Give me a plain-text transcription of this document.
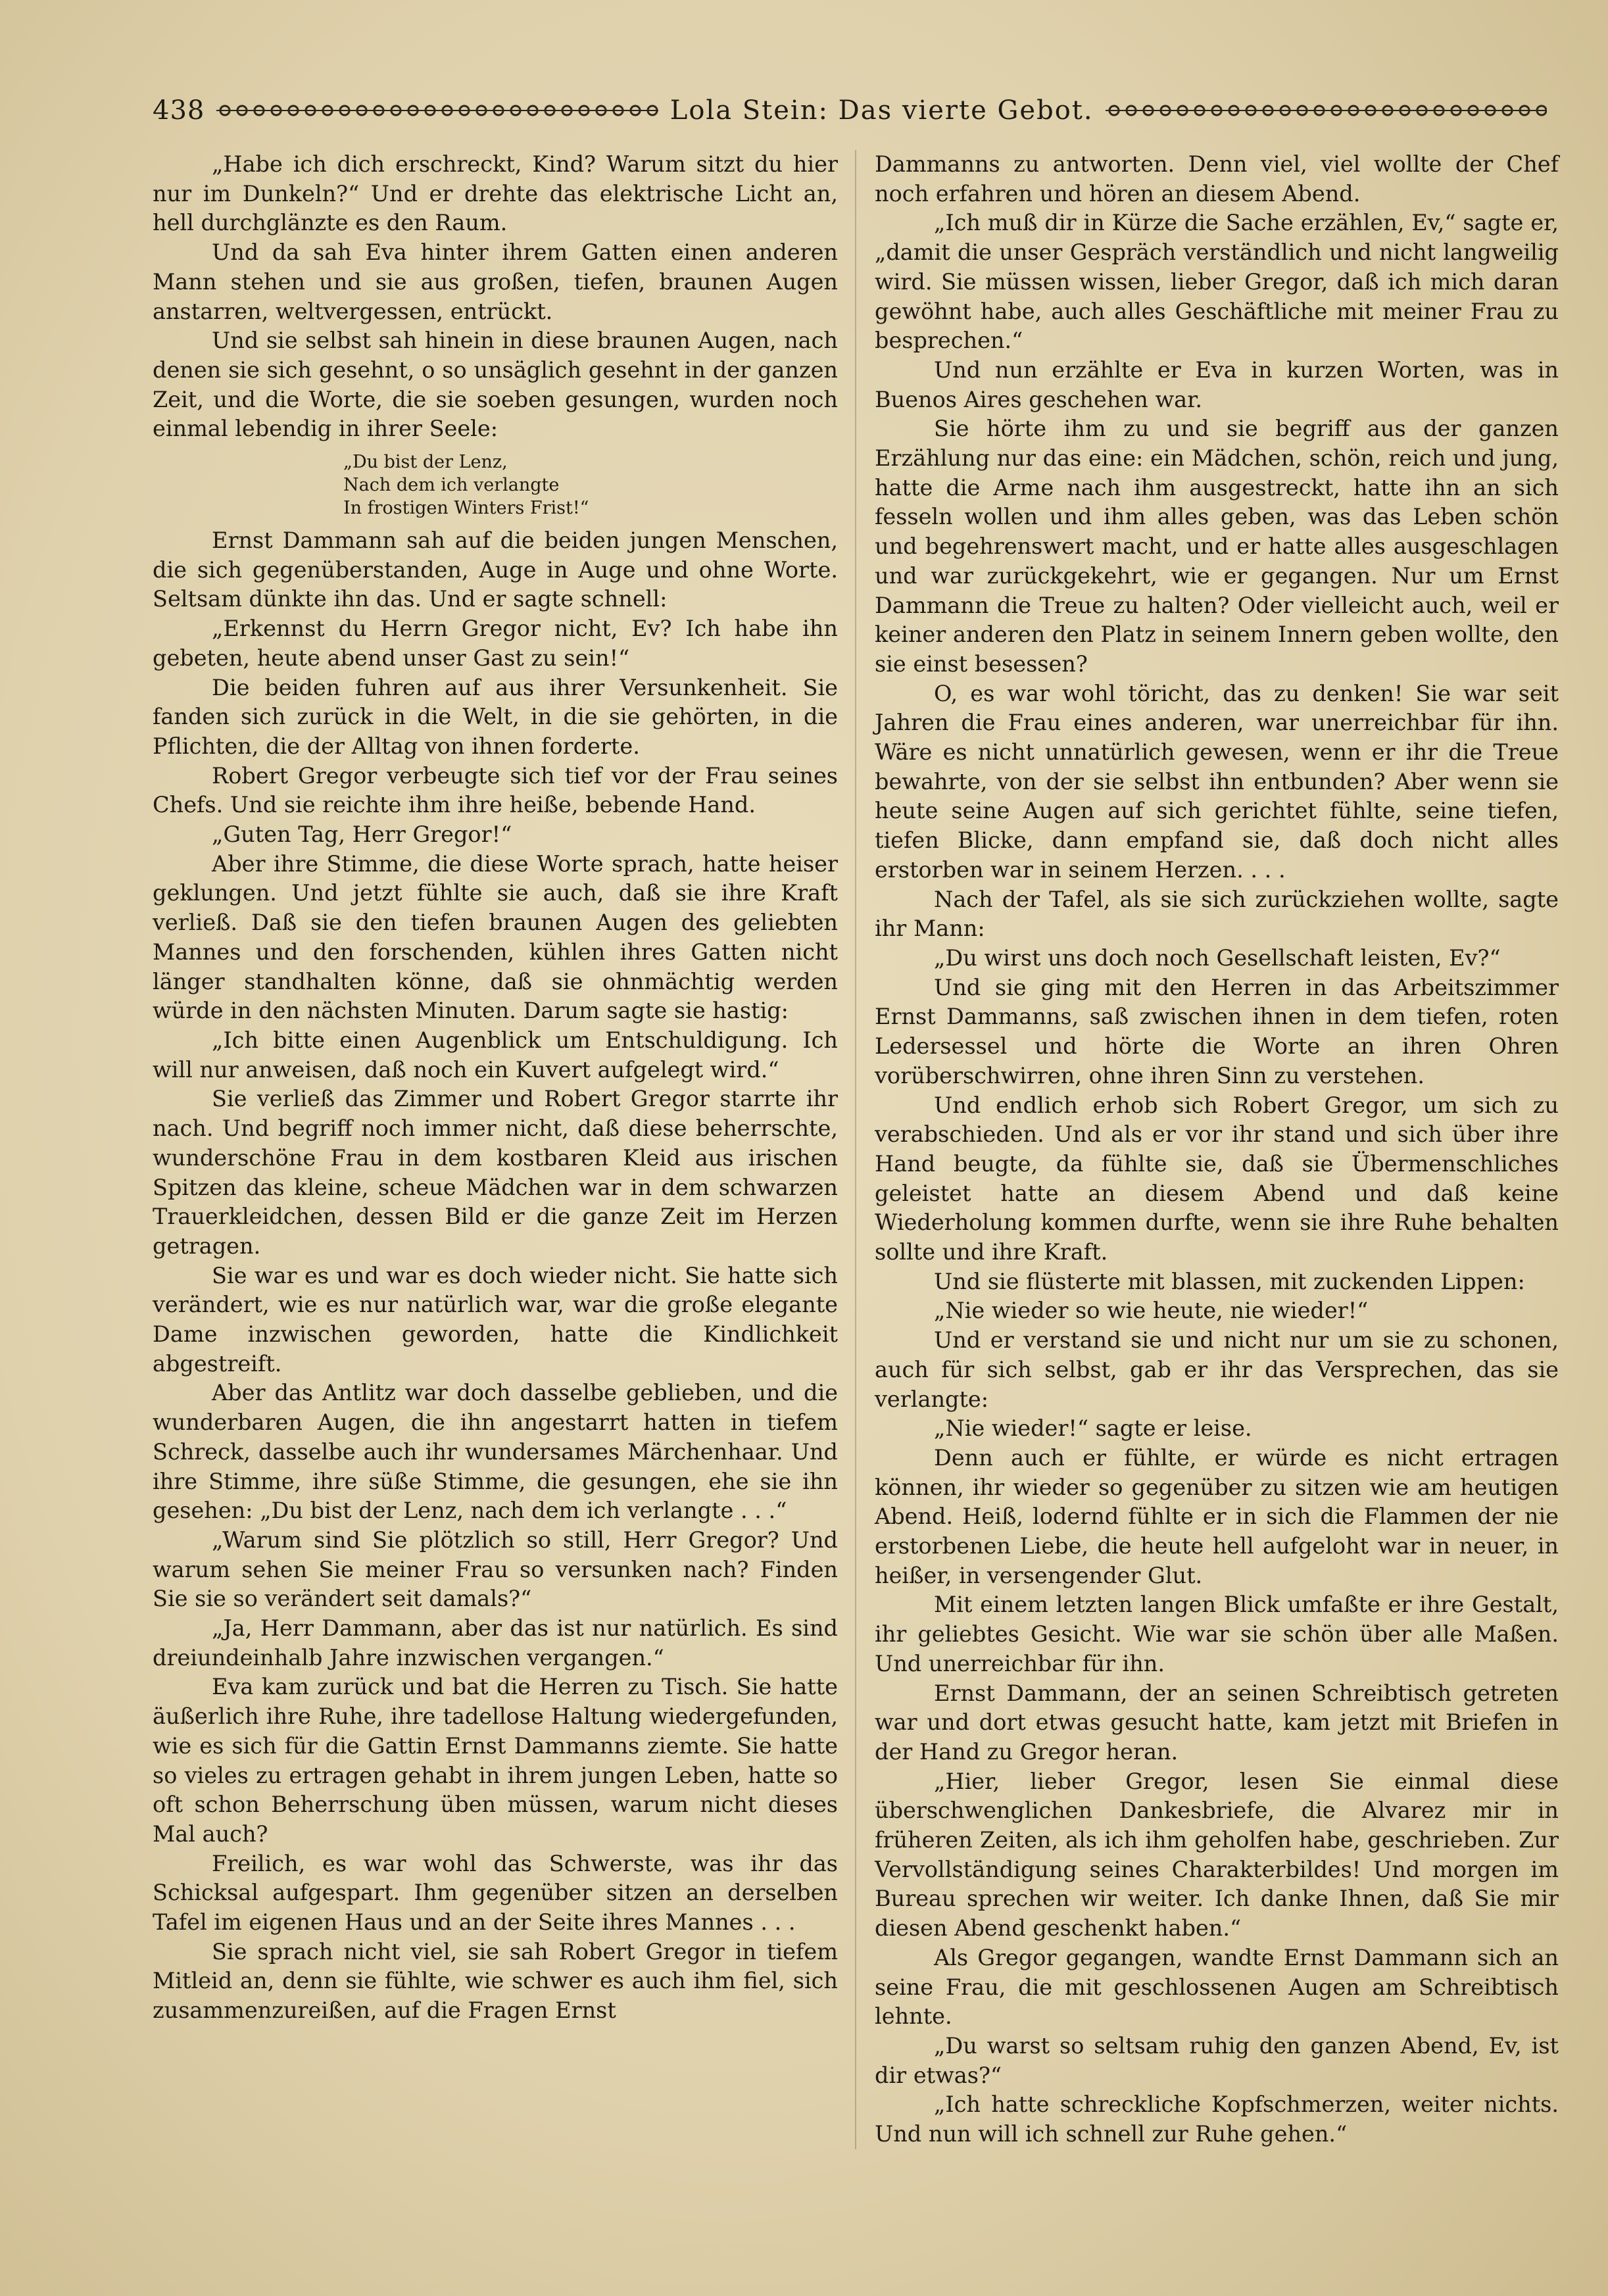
438	Lola Stein: Das vierte Gebot.

„Habe ich dich erschreckt, Kind? Warum sitzt du hier nur im Dunkeln?“ Und er drehte das elektrische Licht an, hell durchglänzte es den Raum.

Und da sah Eva hinter ihrem Gatten einen anderen Mann stehen und sie aus großen, tiefen, braunen Augen anstarren, weltvergessen, entrückt.

Und sie selbst sah hinein in diese braunen Augen, nach denen sie sich gesehnt, o so unsäglich gesehnt in der ganzen Zeit, und die Worte, die sie soeben gesungen, wurden noch einmal lebendig in ihrer Seele:

„Du bist der Lenz,
Nach dem ich verlangte
In frostigen Winters Frist!“

Ernst Dammann sah auf die beiden jungen Menschen, die sich gegenüberstanden, Auge in Auge und ohne Worte. Seltsam dünkte ihn das. Und er sagte schnell:

„Erkennst du Herrn Gregor nicht, Ev? Ich habe ihn gebeten, heute abend unser Gast zu sein!“

Die beiden fuhren auf aus ihrer Versunkenheit. Sie fanden sich zurück in die Welt, in die sie gehörten, in die Pflichten, die der Alltag von ihnen forderte.

Robert Gregor verbeugte sich tief vor der Frau seines Chefs. Und sie reichte ihm ihre heiße, bebende Hand.

„Guten Tag, Herr Gregor!“

Aber ihre Stimme, die diese Worte sprach, hatte heiser geklungen. Und jetzt fühlte sie auch, daß sie ihre Kraft verließ. Daß sie den tiefen braunen Augen des geliebten Mannes und den forschenden, kühlen ihres Gatten nicht länger standhalten könne, daß sie ohnmächtig werden würde in den nächsten Minuten. Darum sagte sie hastig:

„Ich bitte einen Augenblick um Entschuldigung. Ich will nur anweisen, daß noch ein Kuvert aufgelegt wird.“

Sie verließ das Zimmer und Robert Gregor starrte ihr nach. Und begriff noch immer nicht, daß diese beherrschte, wunderschöne Frau in dem kostbaren Kleid aus irischen Spitzen das kleine, scheue Mädchen war in dem schwarzen Trauerkleidchen, dessen Bild er die ganze Zeit im Herzen getragen.

Sie war es und war es doch wieder nicht. Sie hatte sich verändert, wie es nur natürlich war, war die große elegante Dame inzwischen geworden, hatte die Kindlichkeit abgestreift.

Aber das Antlitz war doch dasselbe geblieben, und die wunderbaren Augen, die ihn angestarrt hatten in tiefem Schreck, dasselbe auch ihr wundersames Märchenhaar. Und ihre Stimme, ihre süße Stimme, die gesungen, ehe sie ihn gesehen: „Du bist der Lenz, nach dem ich verlangte . . .“

„Warum sind Sie plötzlich so still, Herr Gregor? Und warum sehen Sie meiner Frau so versunken nach? Finden Sie sie so verändert seit damals?“

„Ja, Herr Dammann, aber das ist nur natürlich. Es sind dreiundeinhalb Jahre inzwischen vergangen.“

Eva kam zurück und bat die Herren zu Tisch. Sie hatte äußerlich ihre Ruhe, ihre tadellose Haltung wiedergefunden, wie es sich für die Gattin Ernst Dammanns ziemte. Sie hatte so vieles zu ertragen gehabt in ihrem jungen Leben, hatte so oft schon Beherrschung üben müssen, warum nicht dieses Mal auch?

Freilich, es war wohl das Schwerste, was ihr das Schicksal aufgespart. Ihm gegenüber sitzen an derselben Tafel im eigenen Haus und an der Seite ihres Mannes . . .

Sie sprach nicht viel, sie sah Robert Gregor in tiefem Mitleid an, denn sie fühlte, wie schwer es auch ihm fiel, sich zusammenzureißen, auf die Fragen Ernst

Dammanns zu antworten. Denn viel, viel wollte der Chef noch erfahren und hören an diesem Abend.

„Ich muß dir in Kürze die Sache erzählen, Ev,“ sagte er, „damit die unser Gespräch verständlich und nicht langweilig wird. Sie müssen wissen, lieber Gregor, daß ich mich daran gewöhnt habe, auch alles Geschäftliche mit meiner Frau zu besprechen.“

Und nun erzählte er Eva in kurzen Worten, was in Buenos Aires geschehen war.

Sie hörte ihm zu und sie begriff aus der ganzen Erzählung nur das eine: ein Mädchen, schön, reich und jung, hatte die Arme nach ihm ausgestreckt, hatte ihn an sich fesseln wollen und ihm alles geben, was das Leben schön und begehrenswert macht, und er hatte alles ausgeschlagen und war zurückgekehrt, wie er gegangen. Nur um Ernst Dammann die Treue zu halten? Oder vielleicht auch, weil er keiner anderen den Platz in seinem Innern geben wollte, den sie einst besessen?

O, es war wohl töricht, das zu denken! Sie war seit Jahren die Frau eines anderen, war unerreichbar für ihn. Wäre es nicht unnatürlich gewesen, wenn er ihr die Treue bewahrte, von der sie selbst ihn entbunden? Aber wenn sie heute seine Augen auf sich gerichtet fühlte, seine tiefen, tiefen Blicke, dann empfand sie, daß doch nicht alles erstorben war in seinem Herzen. . . .

Nach der Tafel, als sie sich zurückziehen wollte, sagte ihr Mann:

„Du wirst uns doch noch Gesellschaft leisten, Ev?“

Und sie ging mit den Herren in das Arbeitszimmer Ernst Dammanns, saß zwischen ihnen in dem tiefen, roten Ledersessel und hörte die Worte an ihren Ohren vorüberschwirren, ohne ihren Sinn zu verstehen.

Und endlich erhob sich Robert Gregor, um sich zu verabschieden. Und als er vor ihr stand und sich über ihre Hand beugte, da fühlte sie, daß sie Übermenschliches geleistet hatte an diesem Abend und daß keine Wiederholung kommen durfte, wenn sie ihre Ruhe behalten sollte und ihre Kraft.

Und sie flüsterte mit blassen, mit zuckenden Lippen:

„Nie wieder so wie heute, nie wieder!“

Und er verstand sie und nicht nur um sie zu schonen, auch für sich selbst, gab er ihr das Versprechen, das sie verlangte:

„Nie wieder!“ sagte er leise.

Denn auch er fühlte, er würde es nicht ertragen können, ihr wieder so gegenüber zu sitzen wie am heutigen Abend. Heiß, lodernd fühlte er in sich die Flammen der nie erstorbenen Liebe, die heute hell aufgeloht war in neuer, in heißer, in versengender Glut.

Mit einem letzten langen Blick umfaßte er ihre Gestalt, ihr geliebtes Gesicht. Wie war sie schön über alle Maßen. Und unerreichbar für ihn.

Ernst Dammann, der an seinen Schreibtisch getreten war und dort etwas gesucht hatte, kam jetzt mit Briefen in der Hand zu Gregor heran.

„Hier, lieber Gregor, lesen Sie einmal diese überschwenglichen Dankesbriefe, die Alvarez mir in früheren Zeiten, als ich ihm geholfen habe, geschrieben. Zur Vervollständigung seines Charakterbildes! Und morgen im Bureau sprechen wir weiter. Ich danke Ihnen, daß Sie mir diesen Abend geschenkt haben.“

Als Gregor gegangen, wandte Ernst Dammann sich an seine Frau, die mit geschlossenen Augen am Schreibtisch lehnte.

„Du warst so seltsam ruhig den ganzen Abend, Ev, ist dir etwas?“

„Ich hatte schreckliche Kopfschmerzen, weiter nichts. Und nun will ich schnell zur Ruhe gehen.“
